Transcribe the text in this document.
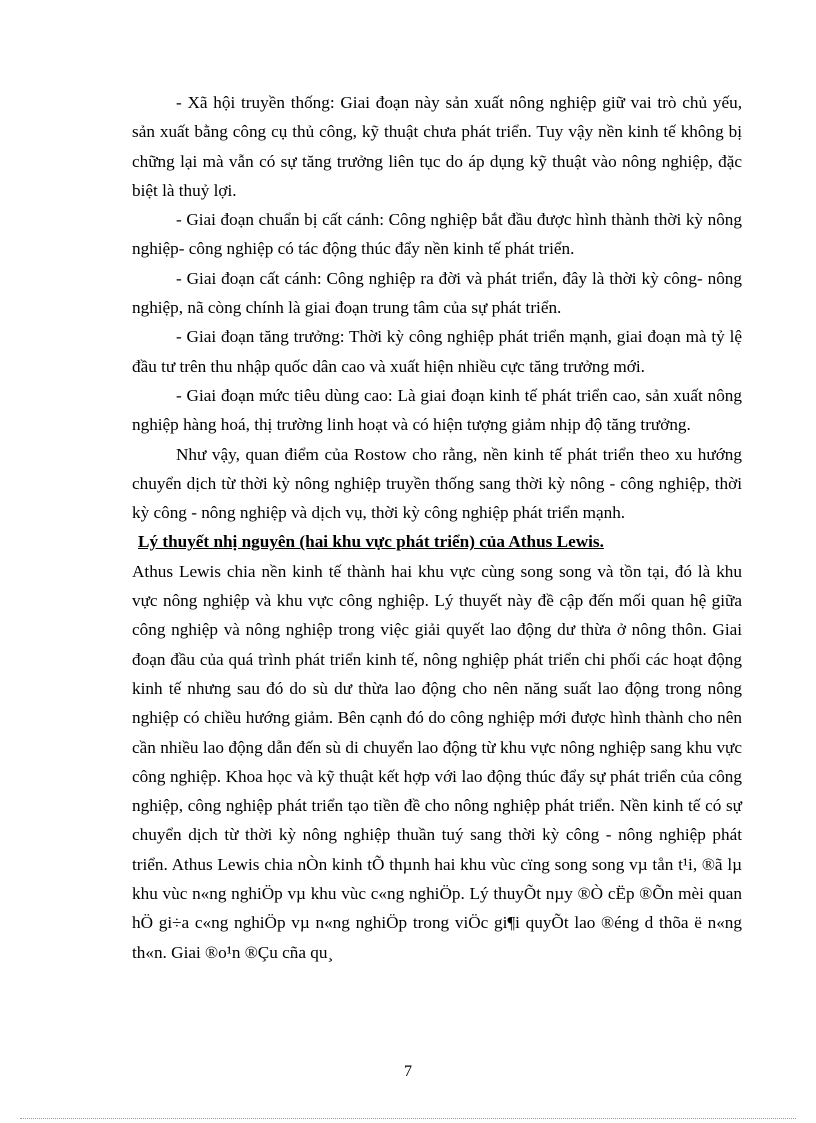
- Xã hội truyền thống: Giai đoạn này sản xuất nông nghiệp giữ vai trò chủ yếu, sản xuất bằng công cụ thủ công, kỹ thuật chưa phát triển. Tuy vậy nền kinh tế không bị chững lại mà vẫn có sự tăng trưởng liên tục do áp dụng kỹ thuật vào nông nghiệp, đặc biệt là thuỷ lợi.

- Giai đoạn chuẩn bị cất cánh: Công nghiệp bắt đầu được hình thành thời kỳ nông nghiệp- công nghiệp có tác động thúc đẩy nền kinh tế phát triển.

- Giai đoạn cất cánh: Công nghiệp ra đời và phát triển, đây là thời kỳ công- nông nghiệp, nã còng chính là giai đoạn trung tâm của sự phát triển.

- Giai đoạn tăng trưởng: Thời kỳ công nghiệp phát triển mạnh, giai đoạn mà tỷ lệ đầu tư trên thu nhập quốc dân cao và xuất hiện nhiều cực tăng trưởng mới.

- Giai đoạn mức tiêu dùng cao: Là giai đoạn kinh tế phát triển cao, sản xuất nông nghiệp hàng hoá, thị trường linh hoạt và có hiện tượng giảm nhịp độ tăng trưởng.

Như vậy, quan điểm của Rostow cho rằng, nền kinh tế phát triển theo xu hướng chuyển dịch từ thời kỳ nông nghiệp truyền thống sang thời kỳ nông - công nghiệp, thời kỳ công - nông nghiệp và dịch vụ, thời kỳ công nghiệp phát triển mạnh.

Lý thuyết nhị nguyên (hai khu vực phát triển) của Athus Lewis.

Athus Lewis chia nền kinh tế thành hai khu vực cùng song song và tồn tại, đó là khu vực nông nghiệp và khu vực công nghiệp. Lý thuyết này đề cập đến mối quan hệ giữa công nghiệp và nông nghiệp trong việc giải quyết lao động dư thừa ở nông thôn. Giai đoạn đầu của quá trình phát triển kinh tế, nông nghiệp phát triển chi phối các hoạt động kinh tế nhưng sau đó do sù dư thừa lao động cho nên năng suất lao động trong nông nghiệp có chiều hướng giảm. Bên cạnh đó do công nghiệp mới được hình thành cho nên cần nhiều lao động dẫn đến sù di chuyển lao động từ khu vực nông nghiệp sang khu vực công nghiệp. Khoa học và kỹ thuật kết hợp với lao động thúc đẩy sự phát triển của công nghiệp, công nghiệp phát triển tạo tiền đề cho nông nghiệp phát triển. Nền kinh tế có sự chuyển dịch từ thời kỳ nông nghiệp thuần tuý sang thời kỳ công - nông nghiệp phát triển. Athus Lewis chia nÒn kinh tÕ thµnh hai khu vùc cïng song song vµ tån t¹i, ®ã lµ khu vùc n«ng nghiÖp vµ khu vùc c«ng nghiÖp. Lý thuyÕt nµy ®Ò cËp ®Õn mèi quan hÖ gi÷a c«ng nghiÖp vµ n«ng nghiÖp trong viÖc gi¶i quyÕt lao ®éng d thõa ë n«ng th«n. Giai ®o¹n ®Çu cña qu¸

7
